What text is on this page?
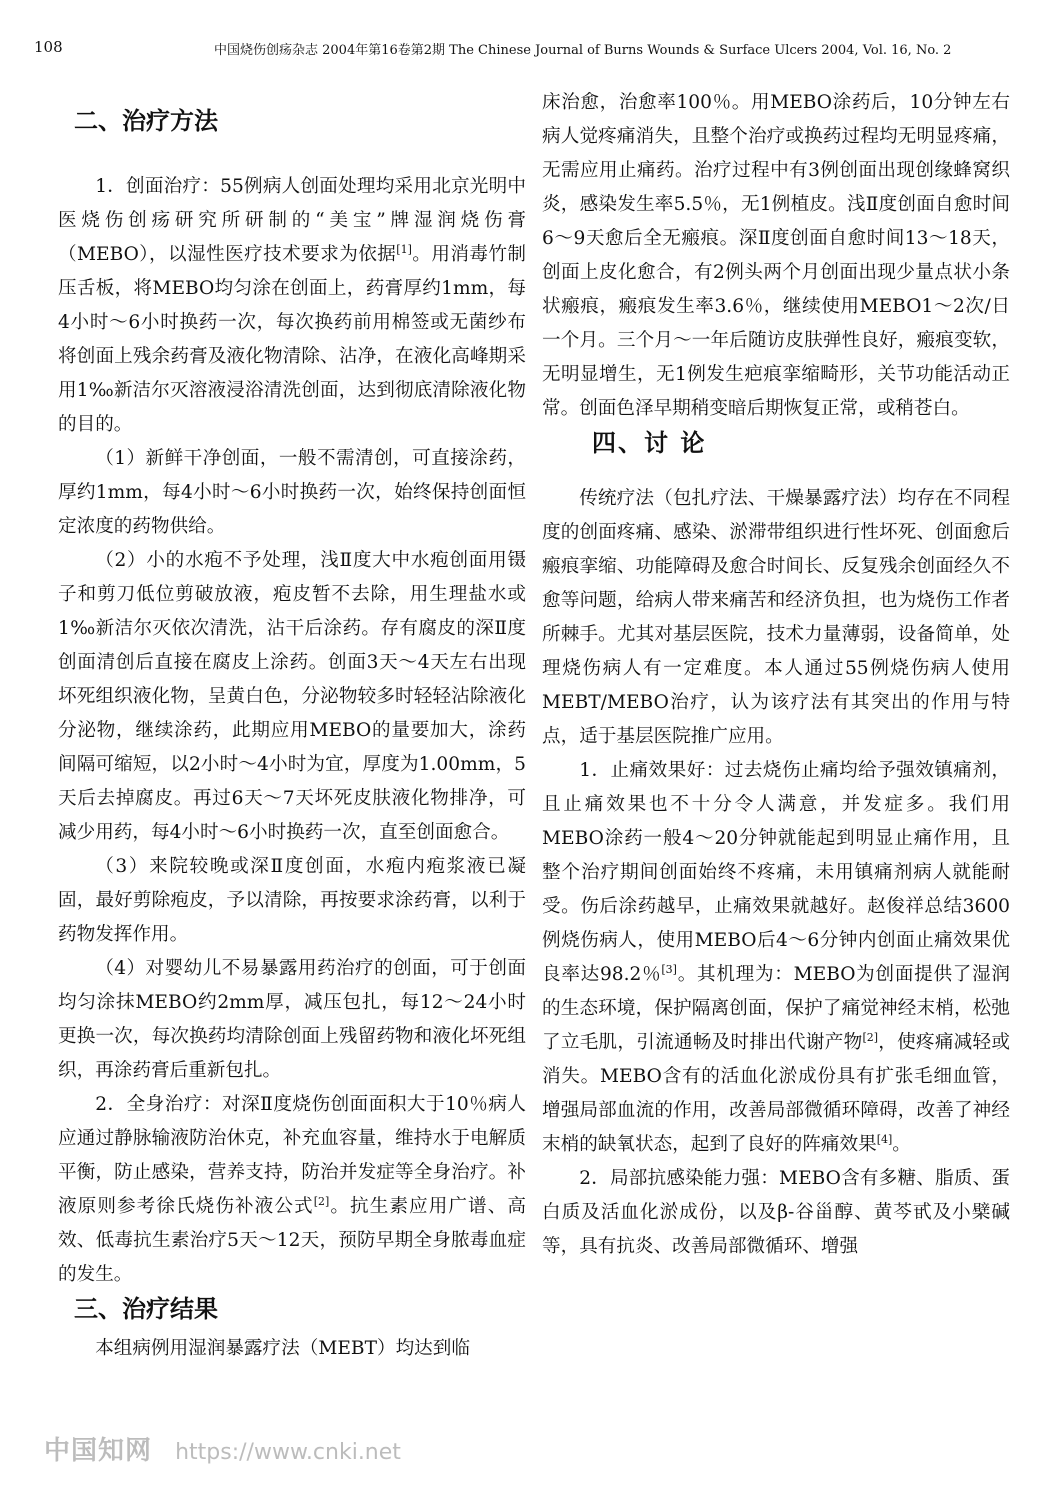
108	中国烧伤创疡杂志 2004年第16卷第2期 The Chinese Journal of Burns Wounds & Surface Ulcers 2004, Vol. 16, No. 2
二、治疗方法

1．创面治疗：55例病人创面处理均采用北京光明中医烧伤创疡研究所研制的“美宝”牌湿润烧伤膏（MEBO），以湿性医疗技术要求为依据[1]。用消毒竹制压舌板，将MEBO均匀涂在创面上，药膏厚约1mm，每4小时～6小时换药一次，每次换药前用棉签或无菌纱布将创面上残余药膏及液化物清除、沾净，在液化高峰期采用1‰新洁尔灭溶液浸浴清洗创面，达到彻底清除液化物的目的。

（1）新鲜干净创面，一般不需清创，可直接涂药，厚约1mm，每4小时～6小时换药一次，始终保持创面恒定浓度的药物供给。

（2）小的水疱不予处理，浅Ⅱ度大中水疱创面用镊子和剪刀低位剪破放液，疱皮暂不去除，用生理盐水或1‰新洁尔灭依次清洗，沾干后涂药。存有腐皮的深Ⅱ度创面清创后直接在腐皮上涂药。创面3天～4天左右出现坏死组织液化物，呈黄白色，分泌物较多时轻轻沾除液化分泌物，继续涂药，此期应用MEBO的量要加大，涂药间隔可缩短，以2小时～4小时为宜，厚度为1.00mm，5天后去掉腐皮。再过6天～7天坏死皮肤液化物排净，可减少用药，每4小时～6小时换药一次，直至创面愈合。

（3）来院较晚或深Ⅱ度创面，水疱内疱浆液已凝固，最好剪除疱皮，予以清除，再按要求涂药膏，以利于药物发挥作用。

（4）对婴幼儿不易暴露用药治疗的创面，可于创面均匀涂抹MEBO约2mm厚，减压包扎，每12～24小时更换一次，每次换药均清除创面上残留药物和液化坏死组织，再涂药膏后重新包扎。

2．全身治疗：对深Ⅱ度烧伤创面面积大于10％病人应通过静脉输液防治休克，补充血容量，维持水于电解质平衡，防止感染，营养支持，防治并发症等全身治疗。补液原则参考徐氏烧伤补液公式[2]。抗生素应用广谱、高效、低毒抗生素治疗5天～12天，预防早期全身脓毒血症的发生。

三、治疗结果

本组病例用湿润暴露疗法（MEBT）均达到临

床治愈，治愈率100％。用MEBO涂药后，10分钟左右病人觉疼痛消失，且整个治疗或换药过程均无明显疼痛，无需应用止痛药。治疗过程中有3例创面出现创缘蜂窝织炎，感染发生率5.5％，无1例植皮。浅Ⅱ度创面自愈时间6～9天愈后全无瘢痕。深Ⅱ度创面自愈时间13～18天，创面上皮化愈合，有2例头两个月创面出现少量点状小条状瘢痕，瘢痕发生率3.6％，继续使用MEBO1～2次/日一个月。三个月～一年后随访皮肤弹性良好，瘢痕变软，无明显增生，无1例发生疤痕挛缩畸形，关节功能活动正常。创面色泽早期稍变暗后期恢复正常，或稍苍白。

四、讨 论

传统疗法（包扎疗法、干燥暴露疗法）均存在不同程度的创面疼痛、感染、淤滞带组织进行性坏死、创面愈后瘢痕挛缩、功能障碍及愈合时间长、反复残余创面经久不愈等问题，给病人带来痛苦和经济负担，也为烧伤工作者所棘手。尤其对基层医院，技术力量薄弱，设备简单，处理烧伤病人有一定难度。本人通过55例烧伤病人使用MEBT/MEBO治疗，认为该疗法有其突出的作用与特点，适于基层医院推广应用。

1．止痛效果好：过去烧伤止痛均给予强效镇痛剂，且止痛效果也不十分令人满意，并发症多。我们用MEBO涂药一般4～20分钟就能起到明显止痛作用，且整个治疗期间创面始终不疼痛，未用镇痛剂病人就能耐受。伤后涂药越早，止痛效果就越好。赵俊祥总结3600例烧伤病人，使用MEBO后4～6分钟内创面止痛效果优良率达98.2％[3]。其机理为：MEBO为创面提供了湿润的生态环境，保护隔离创面，保护了痛觉神经末梢，松弛了立毛肌，引流通畅及时排出代谢产物[2]，使疼痛减轻或消失。MEBO含有的活血化淤成份具有扩张毛细血管，增强局部血流的作用，改善局部微循环障碍，改善了神经末梢的缺氧状态，起到了良好的阵痛效果[4]。

2．局部抗感染能力强：MEBO含有多糖、脂质、蛋白质及活血化淤成份，以及β-谷甾醇、黄芩甙及小檗碱等，具有抗炎、改善局部微循环、增强

中国知网 https://www.cnki.net
